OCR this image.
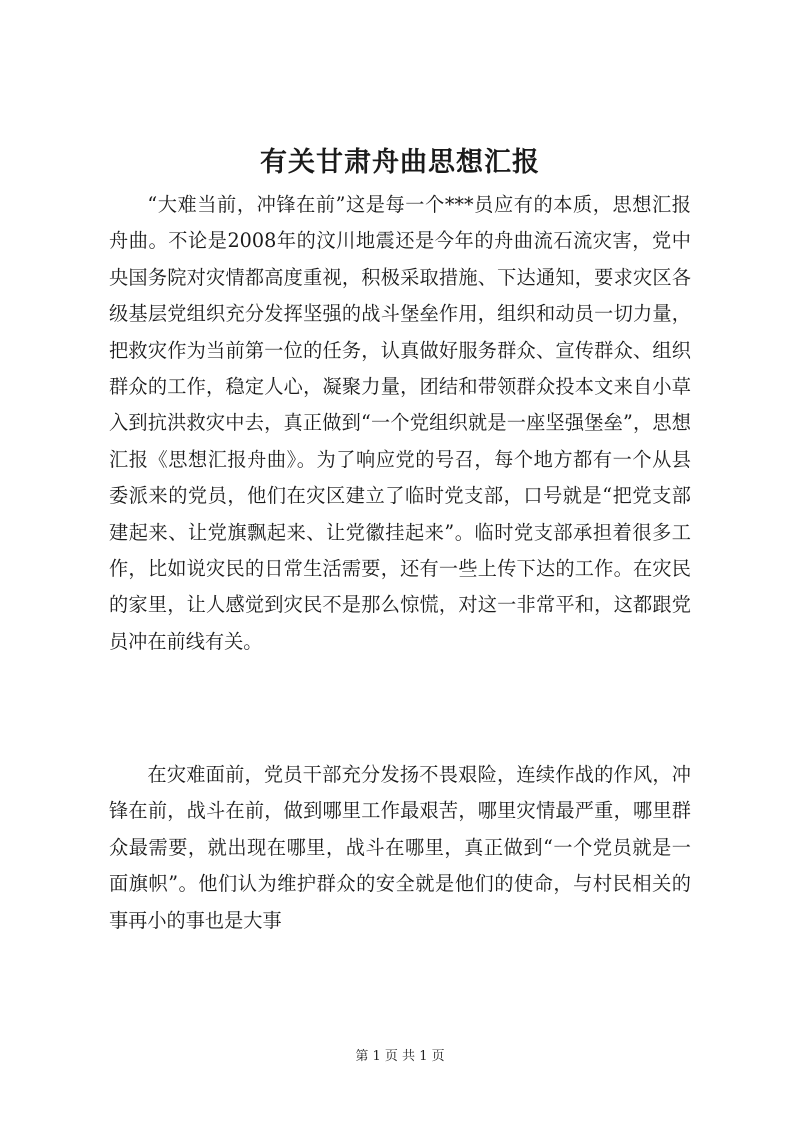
有关甘肃舟曲思想汇报

“大难当前，冲锋在前”这是每一个***员应有的本质，思想汇报舟曲。不论是2008年的汶川地震还是今年的舟曲流石流灾害，党中央国务院对灾情都高度重视，积极采取措施、下达通知，要求灾区各级基层党组织充分发挥坚强的战斗堡垒作用，组织和动员一切力量，把救灾作为当前第一位的任务，认真做好服务群众、宣传群众、组织群众的工作，稳定人心，凝聚力量，团结和带领群众投本文来自小草入到抗洪救灾中去，真正做到“一个党组织就是一座坚强堡垒”，思想汇报《思想汇报舟曲》。为了响应党的号召，每个地方都有一个从县委派来的党员，他们在灾区建立了临时党支部，口号就是“把党支部建起来、让党旗飘起来、让党徽挂起来”。临时党支部承担着很多工作，比如说灾民的日常生活需要，还有一些上传下达的工作。在灾民的家里，让人感觉到灾民不是那么惊慌，对这一非常平和，这都跟党员冲在前线有关。

在灾难面前，党员干部充分发扬不畏艰险，连续作战的作风，冲锋在前，战斗在前，做到哪里工作最艰苦，哪里灾情最严重，哪里群众最需要，就出现在哪里，战斗在哪里，真正做到“一个党员就是一面旗帜”。他们认为维护群众的安全就是他们的使命，与村民相关的事再小的事也是大事

第 1 页 共 1 页
